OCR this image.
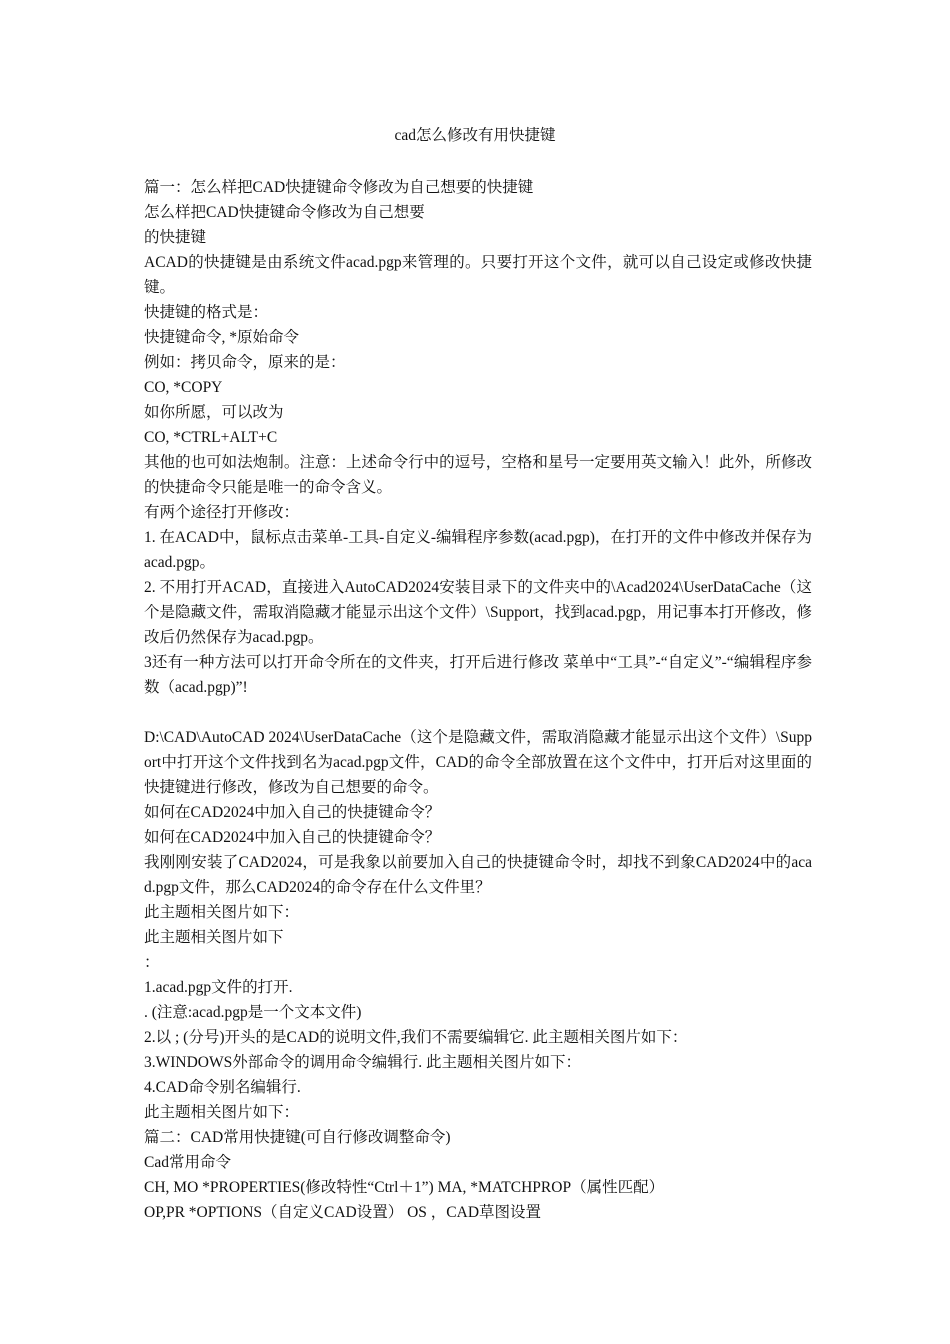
cad怎么修改有用快捷键
篇一：怎么样把CAD快捷键命令修改为自己想要的快捷键
怎么样把CAD快捷键命令修改为自己想要
的快捷键
ACAD的快捷键是由系统文件acad.pgp来管理的。只要打开这个文件，就可以自己设定或修改快捷键。
快捷键的格式是：
快捷键命令, *原始命令
例如：拷贝命令，原来的是：
CO, *COPY
如你所愿，可以改为
CO, *CTRL+ALT+C
其他的也可如法炮制。注意：上述命令行中的逗号，空格和星号一定要用英文输入！此外，所修改的快捷命令只能是唯一的命令含义。
有两个途径打开修改：
1. 在ACAD中，鼠标点击菜单-工具-自定义-编辑程序参数(acad.pgp)，在打开的文件中修改并保存为acad.pgp。
2. 不用打开ACAD，直接进入AutoCAD2024安装目录下的文件夹中的\Acad2024\UserDataCache（这个是隐藏文件，需取消隐藏才能显示出这个文件）\Support，找到acad.pgp，用记事本打开修改，修改后仍然保存为acad.pgp。
3还有一种方法可以打开命令所在的文件夹，打开后进行修改 菜单中“工具”-“自定义”-“编辑程序参数（acad.pgp)”!
D:\CAD\AutoCAD 2024\UserDataCache（这个是隐藏文件，需取消隐藏才能显示出这个文件）\Support中打开这个文件找到名为acad.pgp文件，CAD的命令全部放置在这个文件中，打开后对这里面的快捷键进行修改，修改为自己想要的命令。
如何在CAD2024中加入自己的快捷键命令？
如何在CAD2024中加入自己的快捷键命令？
我刚刚安装了CAD2024，可是我象以前要加入自己的快捷键命令时，却找不到象CAD2024中的acad.pgp文件，那么CAD2024的命令存在什么文件里？
此主题相关图片如下：
此主题相关图片如下
：
1.acad.pgp文件的打开.
. (注意:acad.pgp是一个文本文件)
2.以 ; (分号)开头的是CAD的说明文件,我们不需要编辑它. 此主题相关图片如下：
3.WINDOWS外部命令的调用命令编辑行. 此主题相关图片如下：
4.CAD命令别名编辑行.
此主题相关图片如下：
篇二：CAD常用快捷键(可自行修改调整命令)
Cad常用命令
CH, MO *PROPERTIES(修改特性“Ctrl＋1”) MA, *MATCHPROP（属性匹配）
OP,PR *OPTIONS（自定义CAD设置） OS ，CAD草图设置
